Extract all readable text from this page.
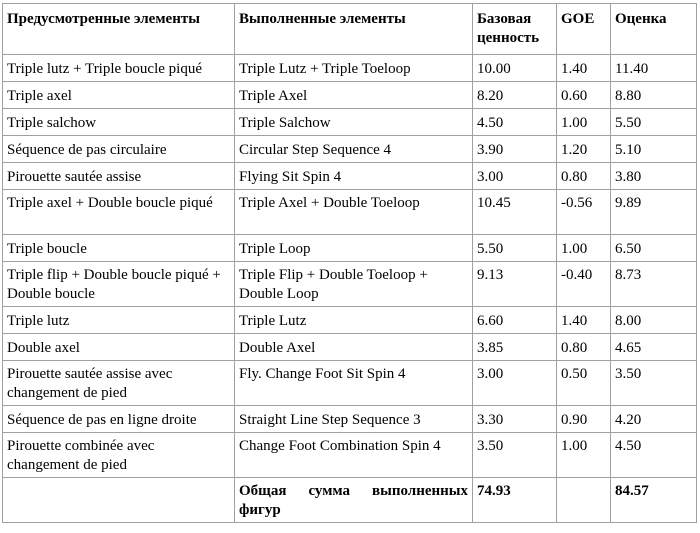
Предусмотренные элементы	Выполненные элементы	Базовая ценность	GOE	Оценка
Triple lutz + Triple boucle piqué	Triple Lutz + Triple Toeloop	10.00	1.40	11.40
Triple axel	Triple Axel	8.20	0.60	8.80
Triple salchow	Triple Salchow	4.50	1.00	5.50
Séquence de pas circulaire	Circular Step Sequence 4	3.90	1.20	5.10
Pirouette sautée assise	Flying Sit Spin 4	3.00	0.80	3.80
Triple axel + Double boucle piqué	Triple Axel + Double Toeloop	10.45	-0.56	9.89
Triple boucle	Triple Loop	5.50	1.00	6.50
Triple flip + Double boucle piqué + Double boucle	Triple Flip + Double Toeloop + Double Loop	9.13	-0.40	8.73
Triple lutz	Triple Lutz	6.60	1.40	8.00
Double axel	Double Axel	3.85	0.80	4.65
Pirouette sautée assise avec changement de pied	Fly. Change Foot Sit Spin 4	3.00	0.50	3.50
Séquence de pas en ligne droite	Straight Line Step Sequence 3	3.30	0.90	4.20
Pirouette combinée avec changement de pied	Change Foot Combination Spin 4	3.50	1.00	4.50
	Общая сумма выполненных фигур	74.93		84.57
